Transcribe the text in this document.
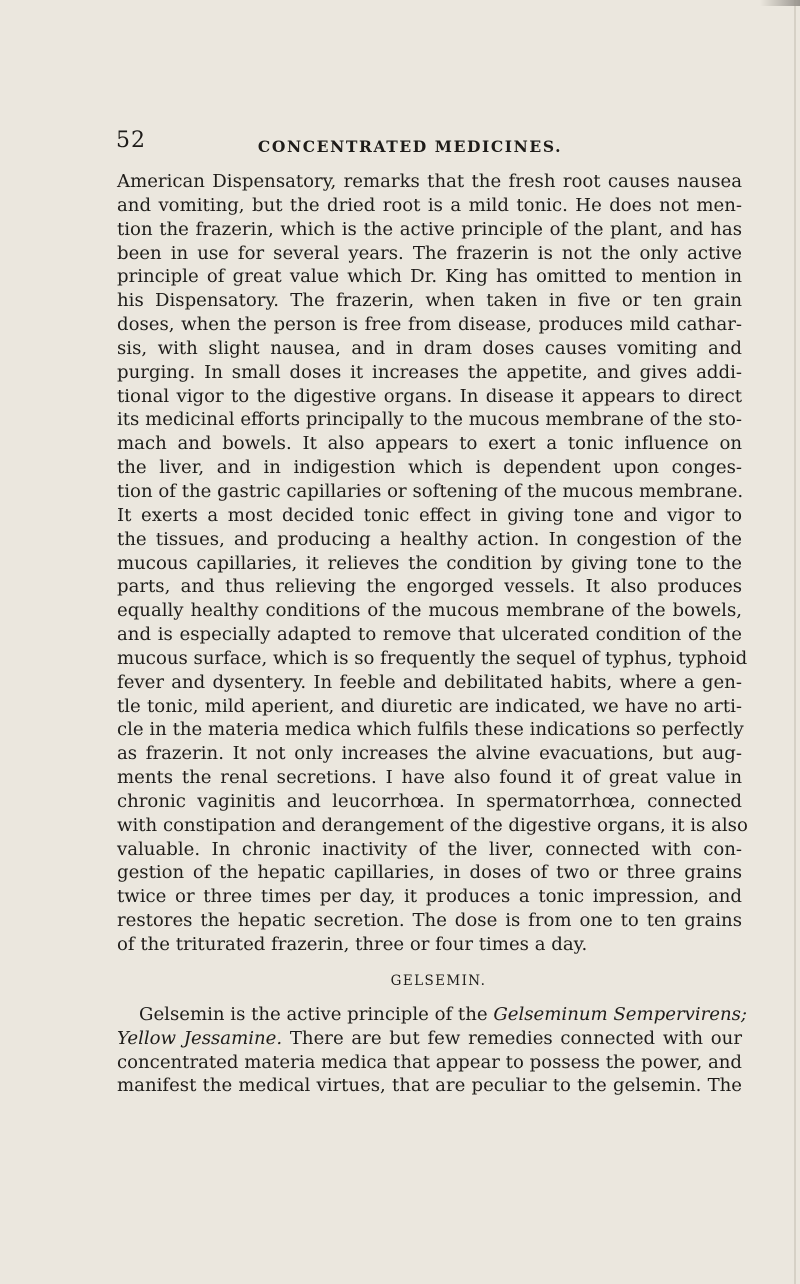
52	CONCENTRATED MEDICINES.
American Dispensatory, remarks that the fresh root causes nausea
and vomiting, but the dried root is a mild tonic. He does not men-
tion the frazerin, which is the active principle of the plant, and has
been in use for several years. The frazerin is not the only active
principle of great value which Dr. King has omitted to mention in
his Dispensatory. The frazerin, when taken in five or ten grain
doses, when the person is free from disease, produces mild cathar-
sis, with slight nausea, and in dram doses causes vomiting and
purging. In small doses it increases the appetite, and gives addi-
tional vigor to the digestive organs. In disease it appears to direct
its medicinal efforts principally to the mucous membrane of the sto-
mach and bowels. It also appears to exert a tonic influence on
the liver, and in indigestion which is dependent upon conges-
tion of the gastric capillaries or softening of the mucous membrane.
It exerts a most decided tonic effect in giving tone and vigor to
the tissues, and producing a healthy action. In congestion of the
mucous capillaries, it relieves the condition by giving tone to the
parts, and thus relieving the engorged vessels. It also produces
equally healthy conditions of the mucous membrane of the bowels,
and is especially adapted to remove that ulcerated condition of the
mucous surface, which is so frequently the sequel of typhus, typhoid
fever and dysentery. In feeble and debilitated habits, where a gen-
tle tonic, mild aperient, and diuretic are indicated, we have no arti-
cle in the materia medica which fulfils these indications so perfectly
as frazerin. It not only increases the alvine evacuations, but aug-
ments the renal secretions. I have also found it of great value in
chronic vaginitis and leucorrhœa. In spermatorrhœa, connected
with constipation and derangement of the digestive organs, it is also
valuable. In chronic inactivity of the liver, connected with con-
gestion of the hepatic capillaries, in doses of two or three grains
twice or three times per day, it produces a tonic impression, and
restores the hepatic secretion. The dose is from one to ten grains
of the triturated frazerin, three or four times a day.
GELSEMIN.
Gelsemin is the active principle of the Gelseminum Sempervirens;
Yellow Jessamine. There are but few remedies connected with our
concentrated materia medica that appear to possess the power, and
manifest the medical virtues, that are peculiar to the gelsemin. The
